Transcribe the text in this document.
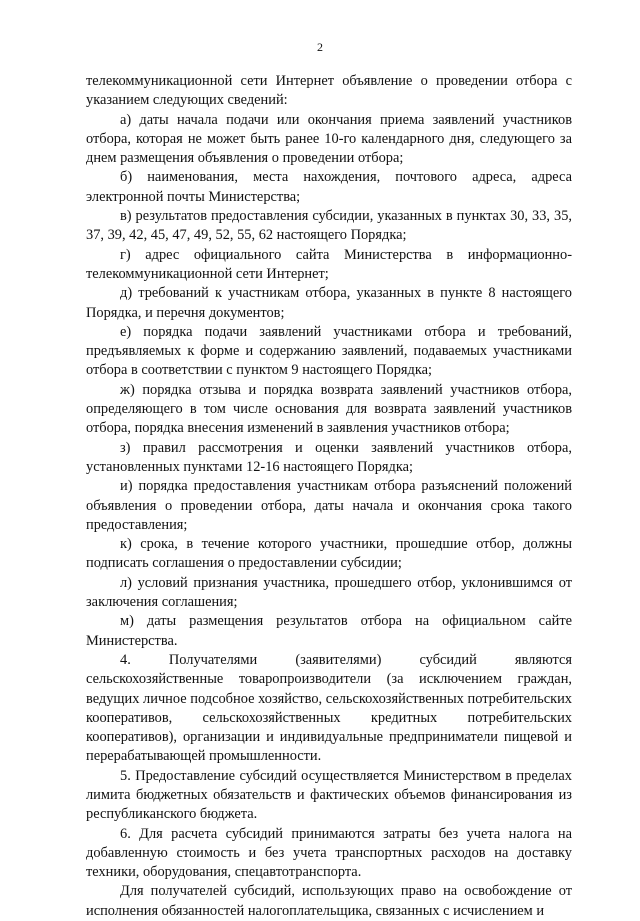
2

телекоммуникационной сети Интернет объявление о проведении отбора с указанием следующих сведений:

а) даты начала подачи или окончания приема заявлений участников отбора, которая не может быть ранее 10-го календарного дня, следующего за днем размещения объявления о проведении отбора;

б) наименования, места нахождения, почтового адреса, адреса электронной почты Министерства;

в) результатов предоставления субсидии, указанных в пунктах 30, 33, 35, 37, 39, 42, 45, 47, 49, 52, 55, 62 настоящего Порядка;

г) адрес официального сайта Министерства в информационно-телекоммуникационной сети Интернет;

д) требований к участникам отбора, указанных в пункте 8 настоящего Порядка, и перечня документов;

е) порядка подачи заявлений участниками отбора и требований, предъявляемых к форме и содержанию заявлений, подаваемых участниками отбора в соответствии с пунктом 9 настоящего Порядка;

ж) порядка отзыва и порядка возврата заявлений участников отбора, определяющего в том числе основания для возврата заявлений участников отбора, порядка внесения изменений в заявления участников отбора;

з) правил рассмотрения и оценки заявлений участников отбора, установленных пунктами 12-16 настоящего Порядка;

и) порядка предоставления участникам отбора разъяснений положений объявления о проведении отбора, даты начала и окончания срока такого предоставления;

к) срока, в течение которого участники, прошедшие отбор, должны подписать соглашения о предоставлении субсидии;

л) условий признания участника, прошедшего отбор, уклонившимся от заключения соглашения;

м) даты размещения результатов отбора на официальном сайте Министерства.

4. Получателями (заявителями) субсидий являются сельскохозяйственные товаропроизводители (за исключением граждан, ведущих личное подсобное хозяйство, сельскохозяйственных потребительских кооперативов, сельскохозяйственных кредитных потребительских кооперативов), организации и индивидуальные предприниматели пищевой и перерабатывающей промышленности.

5. Предоставление субсидий осуществляется Министерством в пределах лимита бюджетных обязательств и фактических объемов финансирования из республиканского бюджета.

6. Для расчета субсидий принимаются затраты без учета налога на добавленную стоимость и без учета транспортных расходов на доставку техники, оборудования, спецавтотранспорта.

Для получателей субсидий, использующих право на освобождение от исполнения обязанностей налогоплательщика, связанных с исчислением и
